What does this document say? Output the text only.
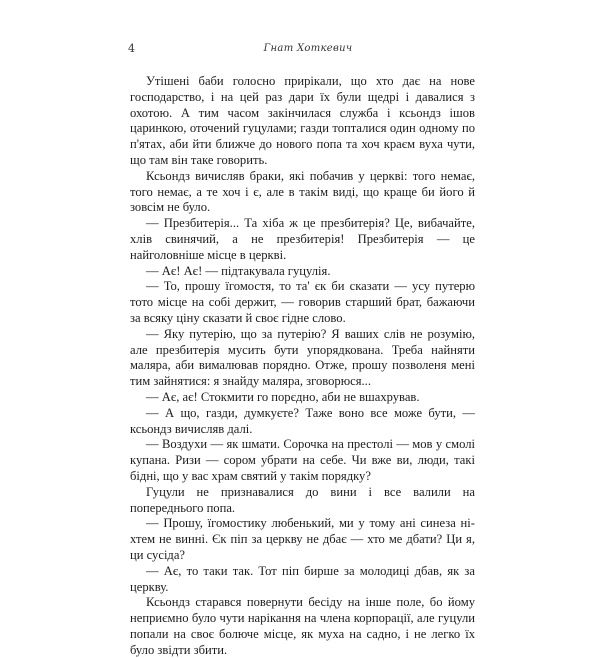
4	Гнат Хоткевич

Утішені баби голосно прирікали, що хто дає на нове господарство, і на цей раз дари їх були щедрі і давалися з охотою. А тим часом закінчилася служба і ксьондз ішов царинкою, оточений гуцулами; газди топталися один одному по п'ятах, аби йти ближче до нового попа та хоч краєм вуха чути, що там він таке говорить.

Ксьондз вичисляв браки, які побачив у церкві: того немає, того немає, а те хоч і є, але в такім виді, що краще би його й зовсім не було.

— Презбитерія... Та хіба ж це презбитерія? Це, вибачайте, хлів свинячий, а не презбитерія! Презбитерія — це найголовніше місце в церкві.

— Ає! Ає! — підтакувала гуцулія.

— То, прошу їгомостя, то та' єк би сказати — усу путерю тото місце на собі держит, — говорив старший брат, бажаючи за всяку ціну сказати й своє гідне слово.

— Яку путерію, що за путерію? Я ваших слів не розумію, але презбитерія мусить бути упорядкована. Треба найняти маляра, аби вималював порядно. Отже, прошу позволеня мені тим зайнятися: я знайду маляра, зговорюся...

— Ає, ає! Стокмити го порєдно, аби не вшахрував.

— А що, газди, думкуєте? Таже воно все може бути, — ксьондз вичисляв далі.

— Воздухи — як шмати. Сорочка на престолі — мов у смолі купана. Ризи — сором убрати на себе. Чи вже ви, люди, такі бідні, що у вас храм святий у такім порядку?

Гуцули не признавалися до вини і все валили на попереднього попа.

— Прошу, їгомостику любенький, ми у тому ані синеза ні-хтем не винні. Єк піп за церкву не дбає — хто ме дбати? Ци я, ци сусіда?

— Ає, то таки так. Тот піп бирше за молодиці дбав, як за церкву.

Ксьондз старався повернути бесіду на інше поле, бо йому неприємно було чути нарікання на члена корпорації, але гуцули попали на своє болюче місце, як муха на садно, і не легко їх було звідти збити.
